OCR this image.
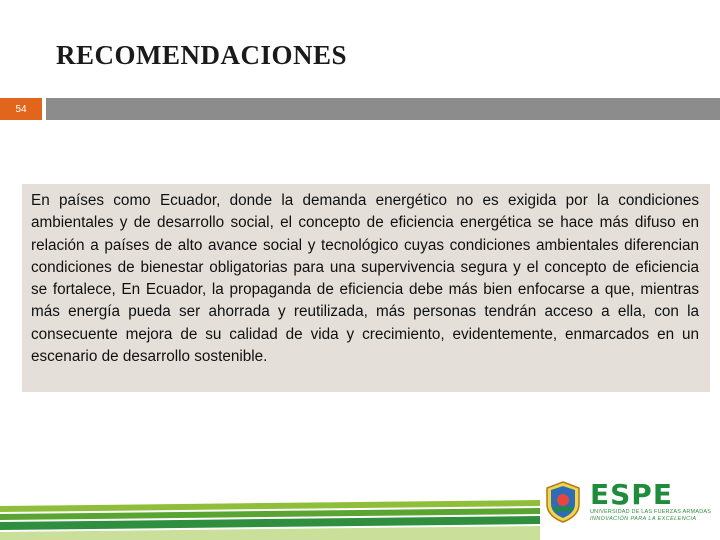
RECOMENDACIONES
54

En países como Ecuador, donde la demanda energético no es exigida por la condiciones ambientales y de desarrollo social, el concepto de eficiencia energética se hace más difuso en relación a países de alto avance social y tecnológico cuyas condiciones ambientales diferencian condiciones de bienestar obligatorias para una supervivencia segura y el concepto de eficiencia se fortalece, En Ecuador, la propaganda de eficiencia debe más bien enfocarse a que, mientras más energía pueda ser ahorrada y reutilizada, más personas tendrán acceso a ella, con la consecuente mejora de su calidad de vida y crecimiento, evidentemente, enmarcados en un escenario de desarrollo sostenible.

ESPE
UNIVERSIDAD DE LAS FUERZAS ARMADAS
INNOVACIÓN PARA LA EXCELENCIA
